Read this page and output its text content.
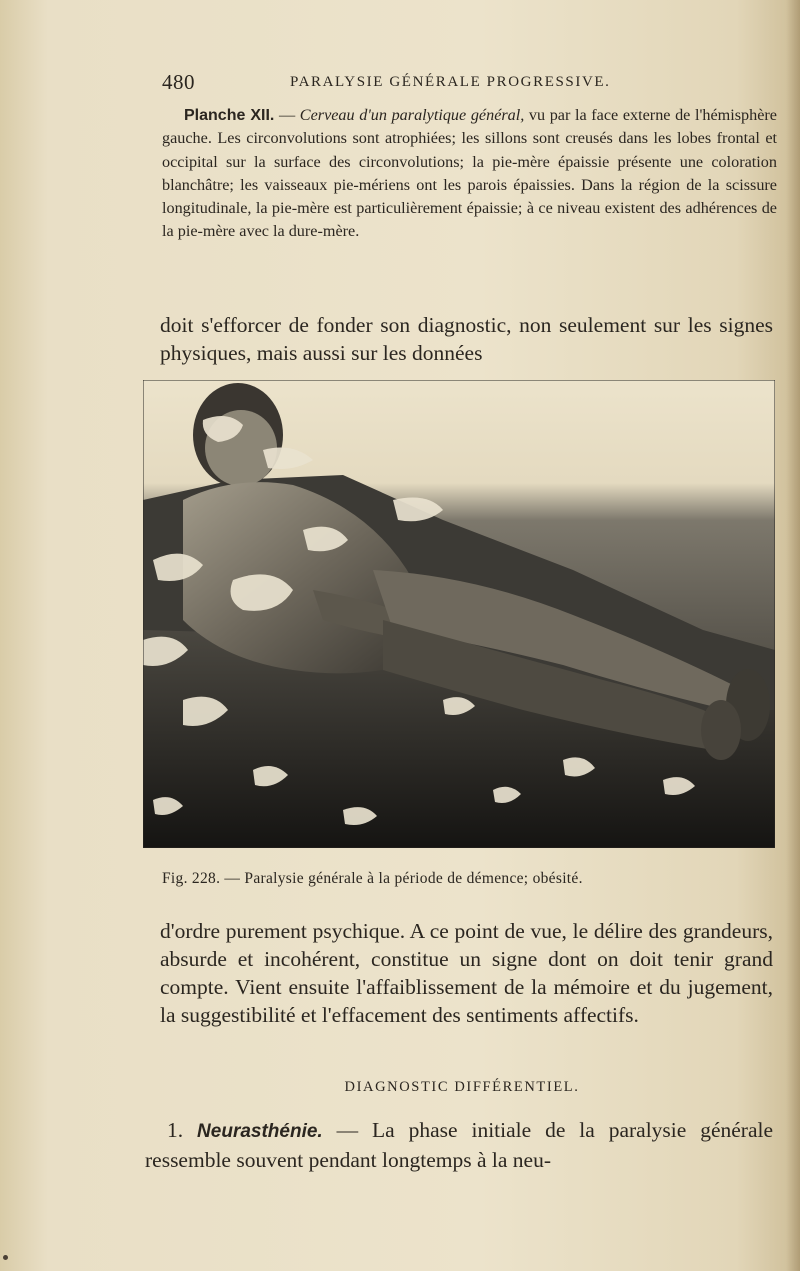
480	PARALYSIE GÉNÉRALE PROGRESSIVE.
Planche XII. — Cerveau d'un paralytique général, vu par la face externe de l'hémisphère gauche. Les circonvolutions sont atrophiées; les sillons sont creusés dans les lobes frontal et occipital sur la surface des circonvolutions; la pie-mère épaissie présente une coloration blanchâtre; les vaisseaux pie-mériens ont les parois épaissies. Dans la région de la scissure longitudinale, la pie-mère est particulièrement épaissie; à ce niveau existent des adhérences de la pie-mère avec la dure-mère.
doit s'efforcer de fonder son diagnostic, non seulement sur les signes physiques, mais aussi sur les données
Fig. 228. — Paralysie générale à la période de démence; obésité.
d'ordre purement psychique. A ce point de vue, le délire des grandeurs, absurde et incohérent, constitue un signe dont on doit tenir grand compte. Vient ensuite l'affaiblissement de la mémoire et du jugement, la suggestibilité et l'effacement des sentiments affectifs.
DIAGNOSTIC DIFFÉRENTIEL.
1. Neurasthénie. — La phase initiale de la paralysie générale ressemble souvent pendant longtemps à la neu-
